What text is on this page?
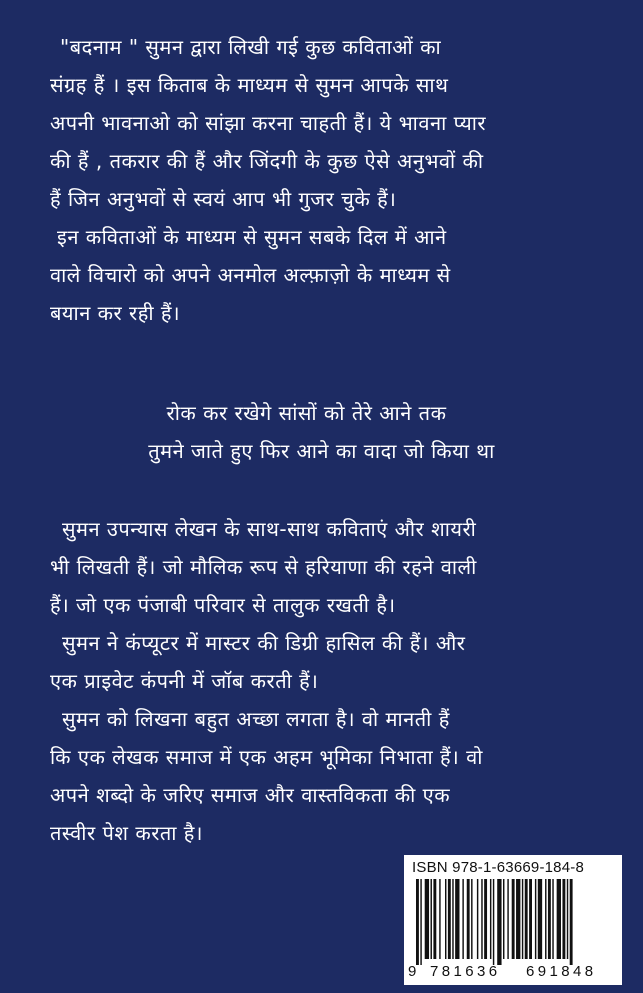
"बदनाम " सुमन द्वारा लिखी गई कुछ कविताओं का
संग्रह हैं । इस किताब के माध्यम से सुमन आपके साथ
अपनी भावनाओ को सांझा करना चाहती हैं। ये भावना प्यार
की हैं , तकरार की हैं और जिंदगी के कुछ ऐसे अनुभवों की
हैं जिन अनुभवों से स्वयं आप भी गुजर चुके हैं।
इन कविताओं के माध्यम से सुमन सबके दिल में आने
वाले विचारो को अपने अनमोल अल्फ़ाज़ो के माध्यम से
बयान कर रही हैं।
रोक कर रखेगे सांसों को तेरे आने तक
तुमने जाते हुए फिर आने का वादा जो किया था
सुमन उपन्यास लेखन के साथ-साथ कविताएं और शायरी
भी लिखती हैं। जो मौलिक रूप से हरियाणा की रहने वाली
हैं। जो एक पंजाबी परिवार से तालुक रखती है।
सुमन ने कंप्यूटर में मास्टर की डिग्री हासिल की हैं। और
एक प्राइवेट कंपनी में जॉब करती हैं।
सुमन को लिखना बहुत अच्छा लगता है। वो मानती हैं
कि एक लेखक समाज में एक अहम भूमिका निभाता हैं। वो
अपने शब्दो के जरिए समाज और वास्तविकता की एक
तस्वीर पेश करता है।
ISBN 978-1-63669-184-8
9 781636 691848
